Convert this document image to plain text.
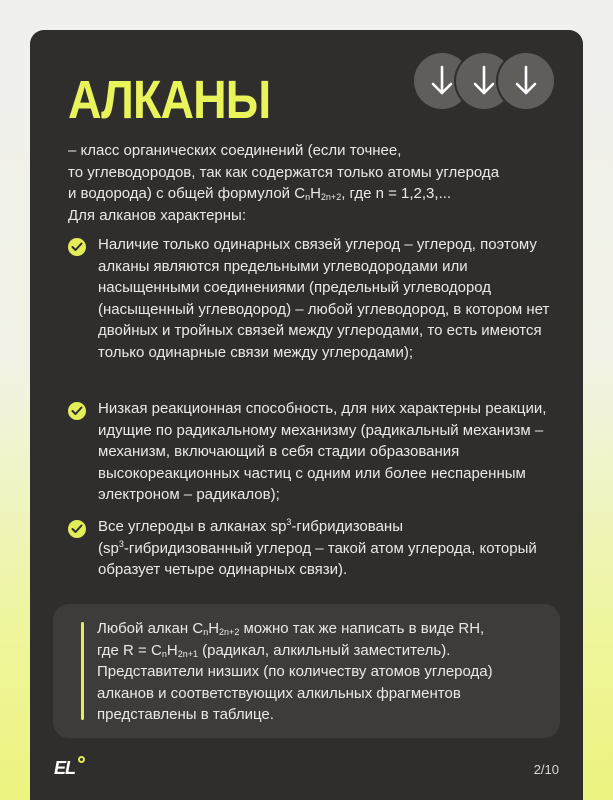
АЛКАНЫ
– класс органических соединений (если точнее,
то углеводородов, так как содержатся только атомы углерода
и водорода) с общей формулой $C_nH_{2n+2}$, где n = 1,2,3,...
Для алканов характерны:

Наличие только одинарных связей углерод – углерод, поэтому алканы являются предельными углеводородами или насыщенными соединениями (предельный углеводород (насыщенный углеводород) – любой углеводород, в котором нет двойных и тройных связей между углеродами, то есть имеются только одинарные связи между углеродами);

Низкая реакционная способность, для них характерны реакции, идущие по радикальному механизму (радикальный механизм – механизм, включающий в себя стадии образования высокореакционных частиц с одним или более неспаренным электроном – радикалов);

Все углероды в алканах $sp^3$-гибридизованы
($sp^3$-гибридизованный углерод – такой атом углерода, который образует четыре одинарных связи).

Любой алкан $C_nH_{2n+2}$ можно так же написать в виде RH,
где $R = C_nH_{2n+1}$ (радикал, алкильный заместитель).
Представители низших (по количеству атомов углерода) алканов и соответствующих алкильных фрагментов представлены в таблице.

EL	2/10
